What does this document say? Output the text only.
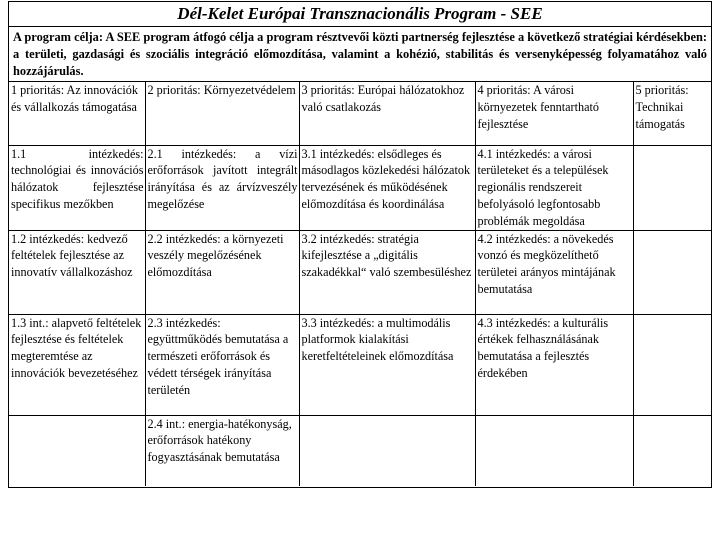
Dél-Kelet Európai Transznacionális Program - SEE
A program célja: A SEE program átfogó célja a program résztvevői közti partnerség fejlesztése a következő stratégiai kérdésekben: a területi, gazdasági és szociális integráció előmozdítása, valamint a kohézió, stabilitás és versenyképesség folyamatához való hozzájárulás.
1 prioritás: Az innovációk és vállalkozás támogatása	2 prioritás: Környezetvédelem	3 prioritás: Európai hálózatokhoz való csatlakozás	4 prioritás: A városi környezetek fenntartható fejlesztése	5 prioritás: Technikai támogatás
1.1 intézkedés: technológiai és innovációs hálózatok fejlesztése specifikus mezőkben	2.1 intézkedés: a vízi erőforrások javított integrált irányítása és az árvízveszély megelőzése	3.1 intézkedés: elsődleges és másodlagos közlekedési hálózatok tervezésének és működésének előmozdítása és koordinálása	4.1 intézkedés: a városi területeket és a települések regionális rendszereit befolyásoló legfontosabb problémák megoldása	
1.2 intézkedés: kedvező feltételek fejlesztése az innovatív vállalkozáshoz	2.2 intézkedés: a környezeti veszély megelőzésének előmozdítása	3.2 intézkedés: stratégia kifejlesztése a „digitális szakadékkal“ való szembesüléshez	4.2 intézkedés: a növekedés vonzó és megközelíthető területei arányos mintájának bemutatása	
1.3 int.: alapvető feltételek fejlesztése és feltételek megteremtése az innovációk bevezetéséhez	2.3 intézkedés: együttműködés bemutatása a természeti erőforrások és védett térségek irányítása területén	3.3 intézkedés: a multimodális platformok kialakítási keretfeltételeinek előmozdítása	4.3 intézkedés: a kulturális értékek felhasználásának bemutatása a fejlesztés érdekében	
	2.4 int.: energia-hatékonyság, erőforrások hatékony fogyasztásának bemutatása			
